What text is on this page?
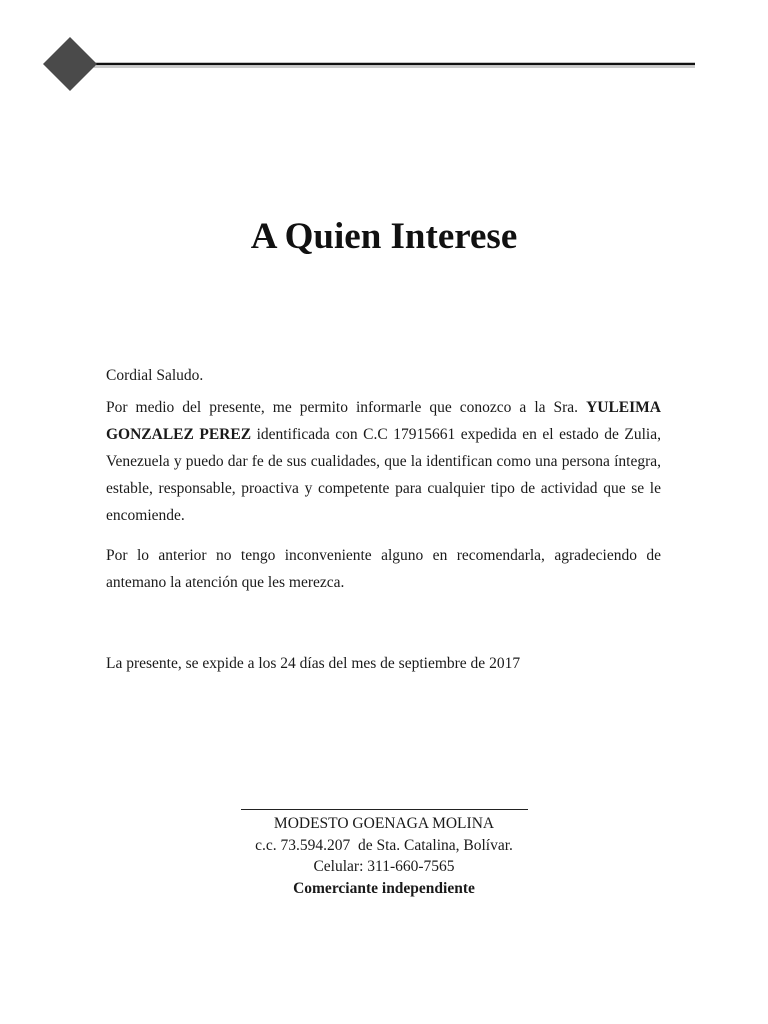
A Quien Interese

Cordial Saludo.

Por medio del presente, me permito informarle que conozco a la Sra. YULEIMA GONZALEZ PEREZ identificada con C.C 17915661 expedida en el estado de Zulia, Venezuela y puedo dar fe de sus cualidades, que la identifican como una persona íntegra, estable, responsable, proactiva y competente para cualquier tipo de actividad que se le encomiende.

Por lo anterior no tengo inconveniente alguno en recomendarla, agradeciendo de antemano la atención que les merezca.

La presente, se expide a los 24 días del mes de septiembre de 2017

MODESTO GOENAGA MOLINA
c.c. 73.594.207  de Sta. Catalina, Bolívar.
Celular: 311-660-7565
Comerciante independiente
